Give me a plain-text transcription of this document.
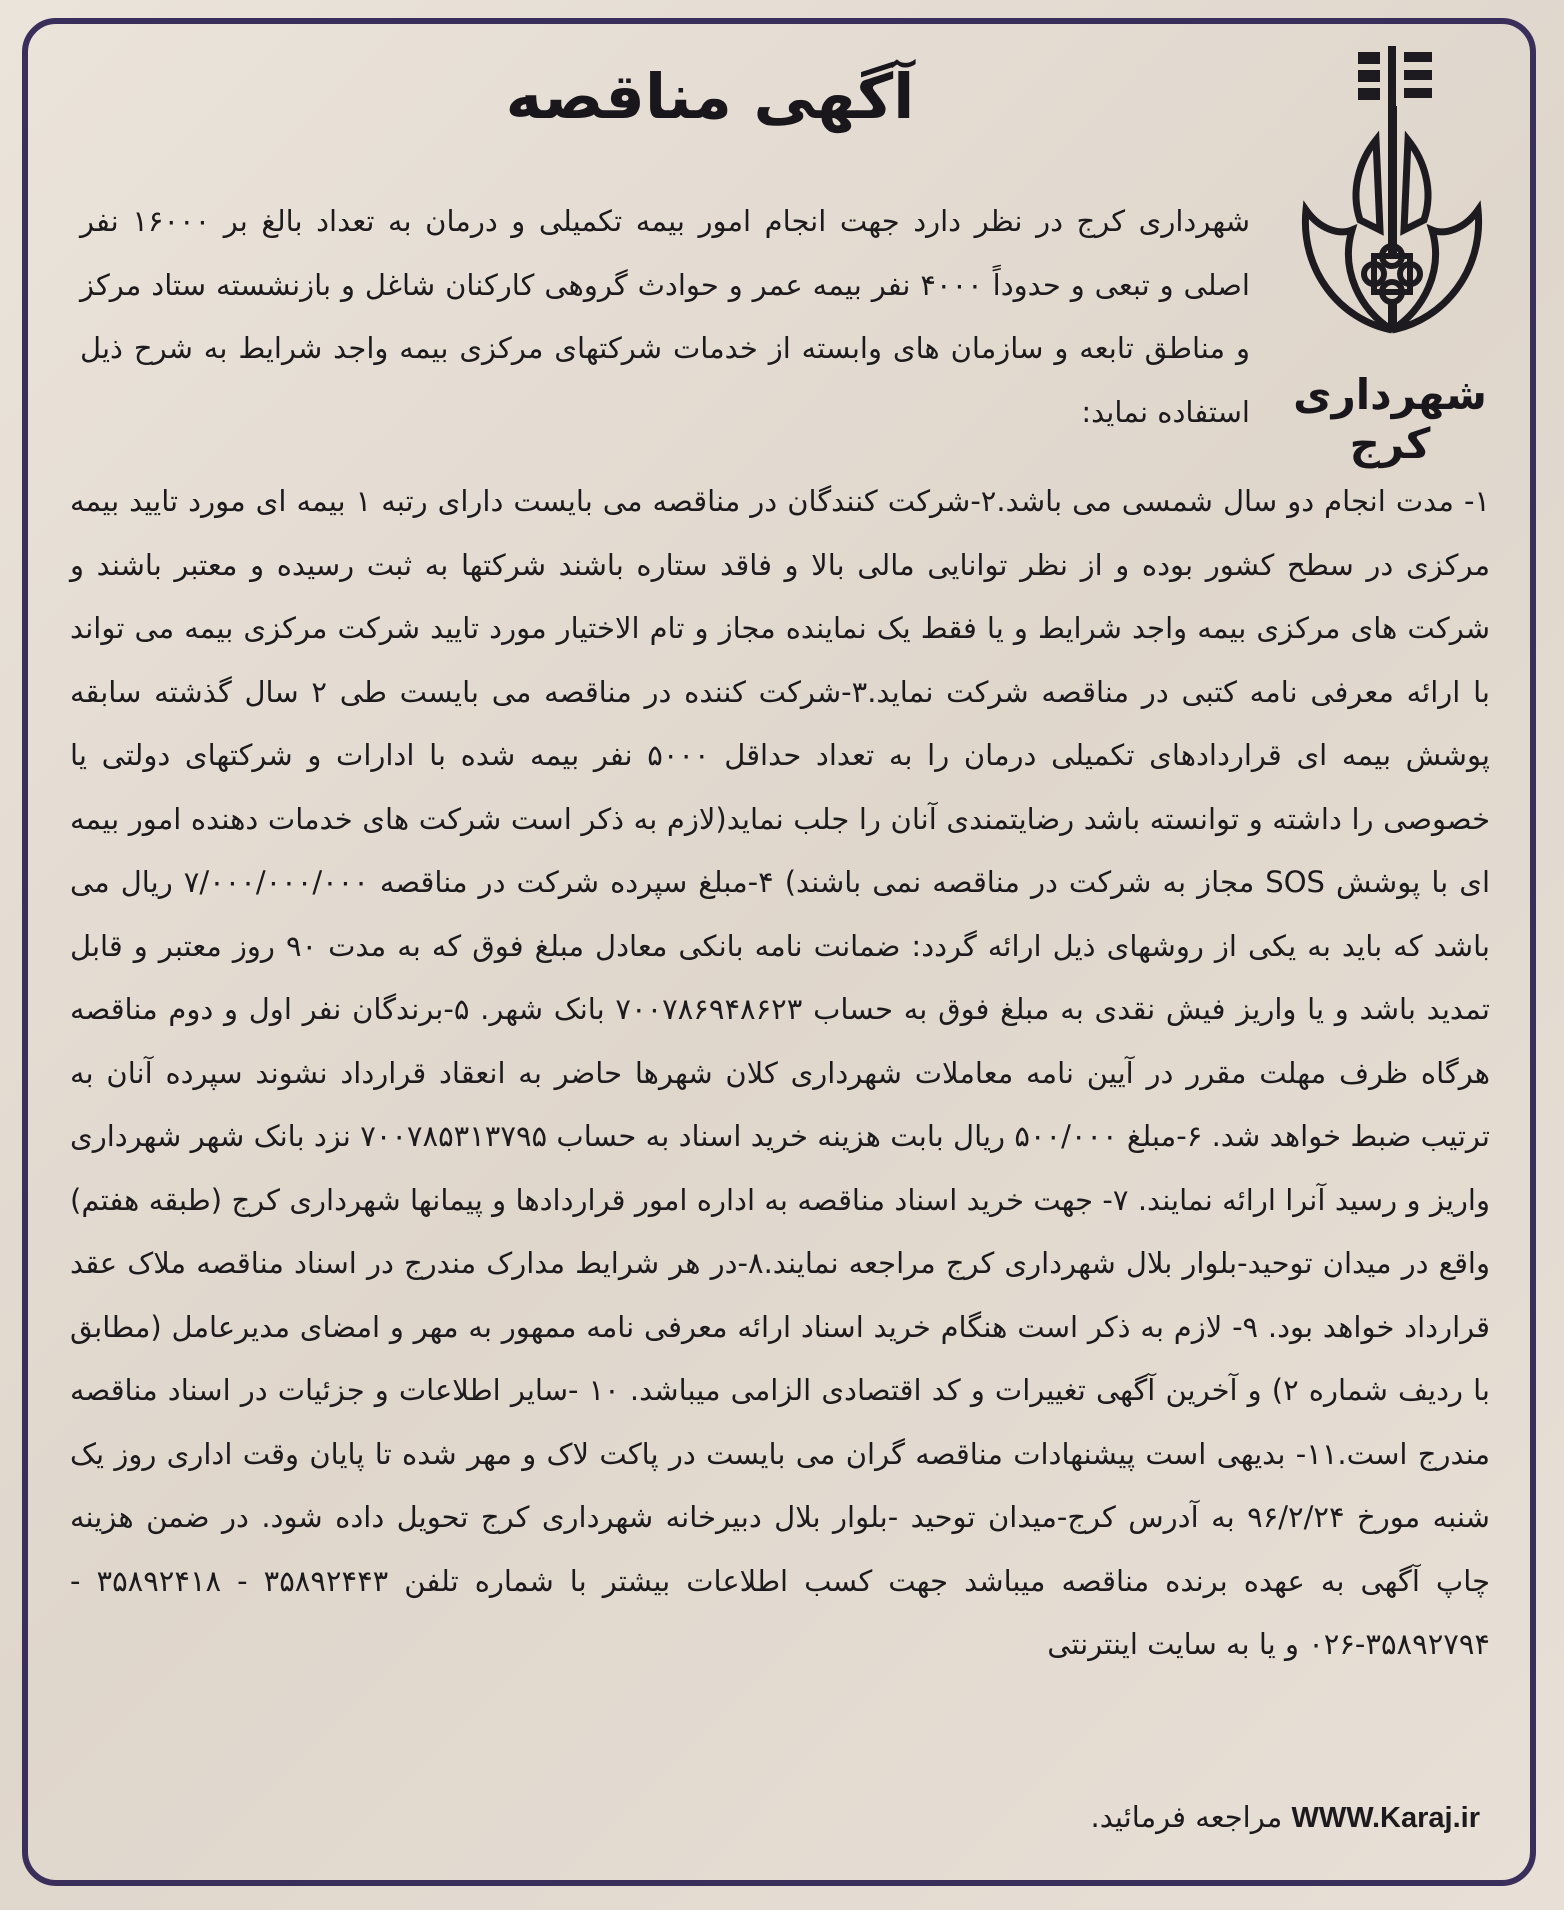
شهرداری کرج
آگهی مناقصه
شهرداری کرج در نظر دارد جهت انجام امور بیمه تکمیلی و درمان به تعداد بالغ بر ۱۶۰۰۰ نفر اصلی و تبعی و حدوداً ۴۰۰۰ نفر بیمه عمر و حوادث گروهی کارکنان شاغل و بازنشسته ستاد مرکز و مناطق تابعه و سازمان های وابسته از خدمات شرکتهای مرکزی بیمه واجد شرایط به شرح ذیل استفاده نماید:
۱- مدت انجام دو سال شمسی می باشد.۲-شرکت کنندگان در مناقصه می بایست دارای رتبه ۱ بیمه ای مورد تایید بیمه مرکزی در سطح کشور بوده و از نظر توانایی مالی بالا و فاقد ستاره باشند شرکتها به ثبت رسیده و معتبر باشند و شرکت های مرکزی بیمه واجد شرایط و یا فقط یک نماینده مجاز و تام الاختیار مورد تایید شرکت مرکزی بیمه می تواند با ارائه معرفی نامه کتبی در مناقصه شرکت نماید.۳-شرکت کننده در مناقصه می بایست طی ۲ سال گذشته سابقه پوشش بیمه ای قراردادهای تکمیلی درمان را به تعداد حداقل ۵۰۰۰ نفر بیمه شده با ادارات و شرکتهای دولتی یا خصوصی را داشته و توانسته باشد رضایتمندی آنان را جلب نماید(لازم به ذکر است شرکت های خدمات دهنده امور بیمه ای با پوشش SOS مجاز به شرکت در مناقصه نمی باشند) ۴-مبلغ سپرده شرکت در مناقصه ۷/۰۰۰/۰۰۰/۰۰۰ ریال می باشد که باید به یکی از روشهای ذیل ارائه گردد: ضمانت نامه بانکی معادل مبلغ فوق که به مدت ۹۰ روز معتبر و قابل تمدید باشد و یا واریز فیش نقدی به مبلغ فوق به حساب ۷۰۰۷۸۶۹۴۸۶۲۳ بانک شهر. ۵-برندگان نفر اول و دوم مناقصه هرگاه ظرف مهلت مقرر در آیین نامه معاملات شهرداری کلان شهرها حاضر به انعقاد قرارداد نشوند سپرده آنان به ترتیب ضبط خواهد شد. ۶-مبلغ ۵۰۰/۰۰۰ ریال بابت هزینه خرید اسناد به حساب ۷۰۰۷۸۵۳۱۳۷۹۵ نزد بانک شهر شهرداری واریز و رسید آنرا ارائه نمایند. ۷- جهت خرید اسناد مناقصه به اداره امور قراردادها و پیمانها شهرداری کرج (طبقه هفتم) واقع در میدان توحید-بلوار بلال شهرداری کرج مراجعه نمایند.۸-در هر شرایط مدارک مندرج در اسناد مناقصه ملاک عقد قرارداد خواهد بود. ۹- لازم به ذکر است هنگام خرید اسناد ارائه معرفی نامه ممهور به مهر و امضای مدیرعامل (مطابق با ردیف شماره ۲) و آخرین آگهی تغییرات و کد اقتصادی الزامی میباشد. ۱۰ -سایر اطلاعات و جزئیات در اسناد مناقصه مندرج است.۱۱- بدیهی است پیشنهادات مناقصه گران می بایست در پاکت لاک و مهر شده تا پایان وقت اداری روز یک شنبه مورخ ۹۶/۲/۲۴ به آدرس کرج-میدان توحید -بلوار بلال دبیرخانه شهرداری کرج تحویل داده شود. در ضمن هزینه چاپ آگهی به عهده برنده مناقصه میباشد جهت کسب اطلاعات بیشتر با شماره تلفن ۳۵۸۹۲۴۴۳ - ۳۵۸۹۲۴۱۸ - ۳۵۸۹۲۷۹۴-۰۲۶ و یا به سایت اینترنتی
WWW.Karaj.ir مراجعه فرمائید.
